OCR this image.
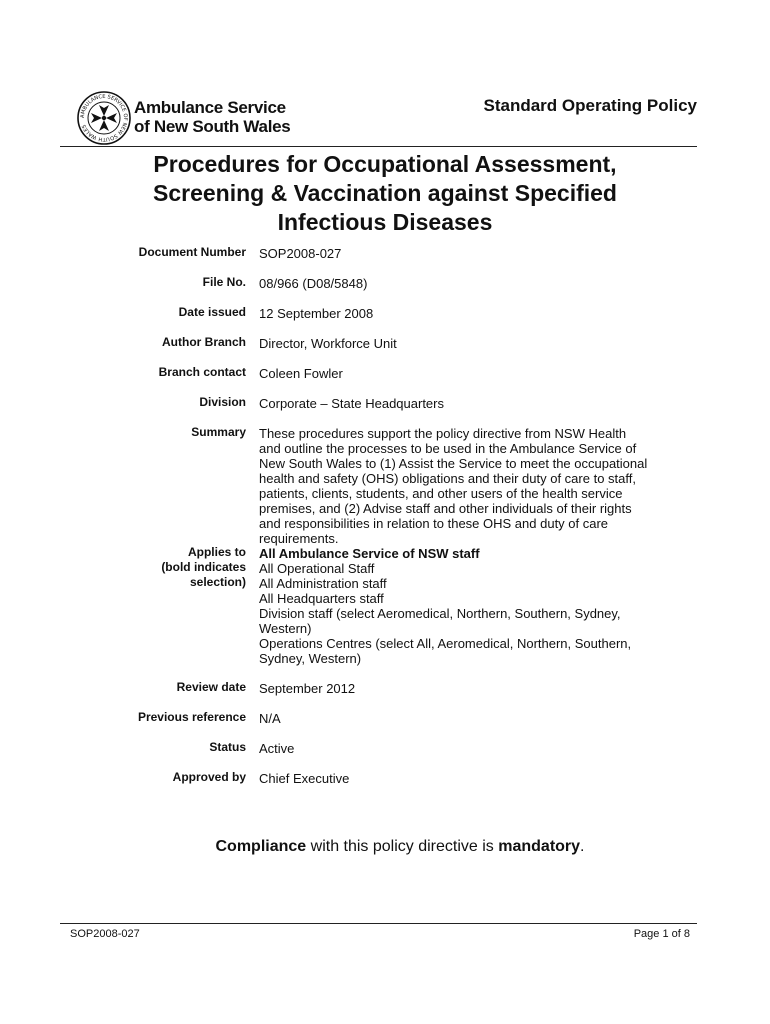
AMBULANCE SERVICE OF NEW SOUTH WALES
Ambulance Service
of New South Wales
Standard Operating Policy
Procedures for Occupational Assessment,
Screening & Vaccination against Specified
Infectious Diseases
Document Number SOP2008-027
File No. 08/966 (D08/5848)
Date issued 12 September 2008
Author Branch Director, Workforce Unit
Branch contact Coleen Fowler
Division Corporate – State Headquarters
Summary These procedures support the policy directive from NSW Health
and outline the processes to be used in the Ambulance Service of
New South Wales to (1) Assist the Service to meet the occupational
health and safety (OHS) obligations and their duty of care to staff,
patients, clients, students, and other users of the health service
premises, and (2) Advise staff and other individuals of their rights
and responsibilities in relation to these OHS and duty of care
requirements.
Applies to
(bold indicates
selection)
All Ambulance Service of NSW staff
All Operational Staff
All Administration staff
All Headquarters staff
Division staff (select Aeromedical, Northern, Southern, Sydney,
Western)
Operations Centres (select All, Aeromedical, Northern, Southern,
Sydney, Western)
Review date September 2012
Previous reference N/A
Status Active
Approved by Chief Executive
Compliance with this policy directive is mandatory.
SOP2008-027	Page 1 of 8
